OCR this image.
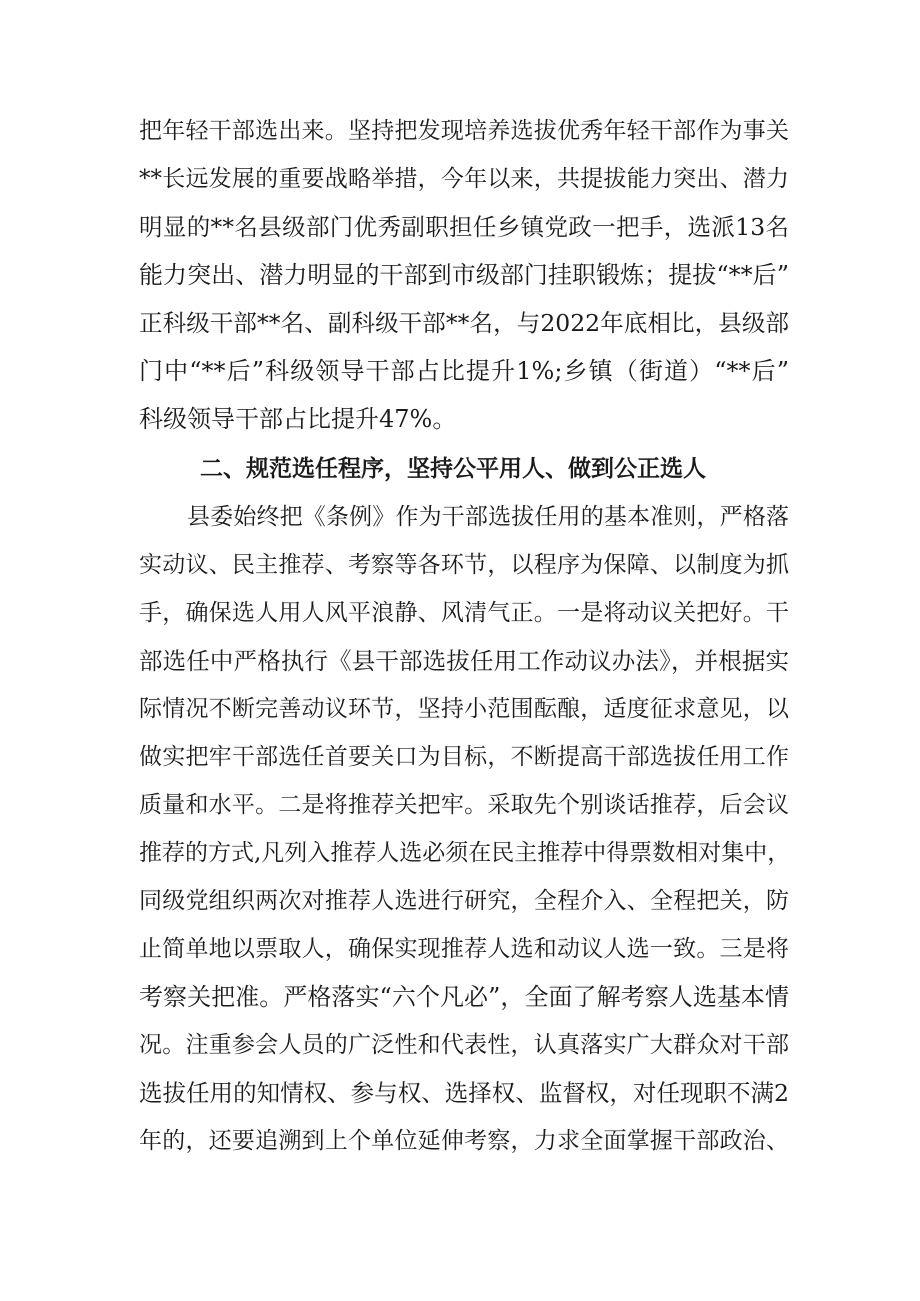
把年轻干部选出来。坚持把发现培养选拔优秀年轻干部作为事关
**长远发展的重要战略举措，今年以来，共提拔能力突出、潜力
明显的**名县级部门优秀副职担任乡镇党政一把手，选派13名
能力突出、潜力明显的干部到市级部门挂职锻炼；提拔“**后”
正科级干部**名、副科级干部**名，与2022年底相比，县级部
门中“**后”科级领导干部占比提升1%;乡镇（街道）“**后”
科级领导干部占比提升47%。
二、规范选任程序，坚持公平用人、做到公正选人
县委始终把《条例》作为干部选拔任用的基本准则，严格落
实动议、民主推荐、考察等各环节，以程序为保障、以制度为抓
手，确保选人用人风平浪静、风清气正。一是将动议关把好。干
部选任中严格执行《县干部选拔任用工作动议办法》，并根据实
际情况不断完善动议环节，坚持小范围酝酿，适度征求意见，以
做实把牢干部选任首要关口为目标，不断提高干部选拔任用工作
质量和水平。二是将推荐关把牢。采取先个别谈话推荐，后会议
推荐的方式,凡列入推荐人选必须在民主推荐中得票数相对集中，
同级党组织两次对推荐人选进行研究，全程介入、全程把关，防
止简单地以票取人，确保实现推荐人选和动议人选一致。三是将
考察关把准。严格落实“六个凡必”，全面了解考察人选基本情
况。注重参会人员的广泛性和代表性，认真落实广大群众对干部
选拔任用的知情权、参与权、选择权、监督权，对任现职不满2
年的，还要追溯到上个单位延伸考察，力求全面掌握干部政治、
